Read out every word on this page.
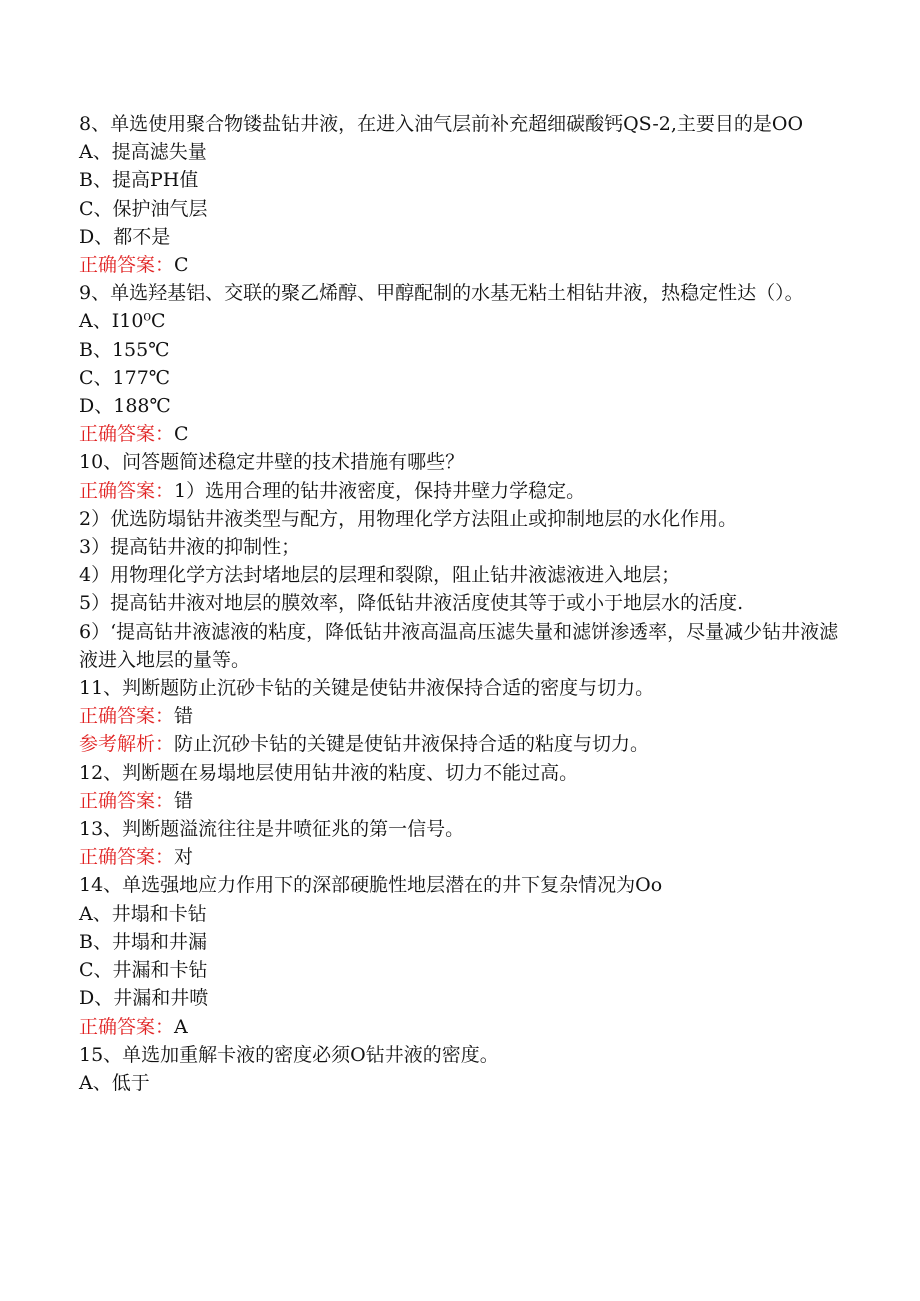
8、单选使用聚合物镂盐钻井液，在进入油气层前补充超细碳酸钙QS-2,主要目的是OO

A、提高滤失量

B、提高PH值

C、保护油气层

D、都不是

正确答案：C

9、单选羟基铝、交联的聚乙烯醇、甲醇配制的水基无粘土相钻井液，热稳定性达（）。

A、I10⁰C

B、155℃

C、177℃

D、188℃

正确答案：C

10、问答题简述稳定井壁的技术措施有哪些？

正确答案：1）选用合理的钻井液密度，保持井壁力学稳定。

2）优选防塌钻井液类型与配方，用物理化学方法阻止或抑制地层的水化作用。

3）提高钻井液的抑制性；

4）用物理化学方法封堵地层的层理和裂隙，阻止钻井液滤液进入地层；

5）提高钻井液对地层的膜效率，降低钻井液活度使其等于或小于地层水的活度.

6）‘提高钻井液滤液的粘度，降低钻井液高温高压滤失量和滤饼渗透率，尽量减少钻井液滤液进入地层的量等。

11、判断题防止沉砂卡钻的关键是使钻井液保持合适的密度与切力。

正确答案：错

参考解析：防止沉砂卡钻的关键是使钻井液保持合适的粘度与切力。

12、判断题在易塌地层使用钻井液的粘度、切力不能过高。

正确答案：错

13、判断题溢流往往是井喷征兆的第一信号。

正确答案：对

14、单选强地应力作用下的深部硬脆性地层潜在的井下复杂情况为Oo

A、井塌和卡钻

B、井塌和井漏

C、井漏和卡钻

D、井漏和井喷

正确答案：A

15、单选加重解卡液的密度必须O钻井液的密度。

A、低于
